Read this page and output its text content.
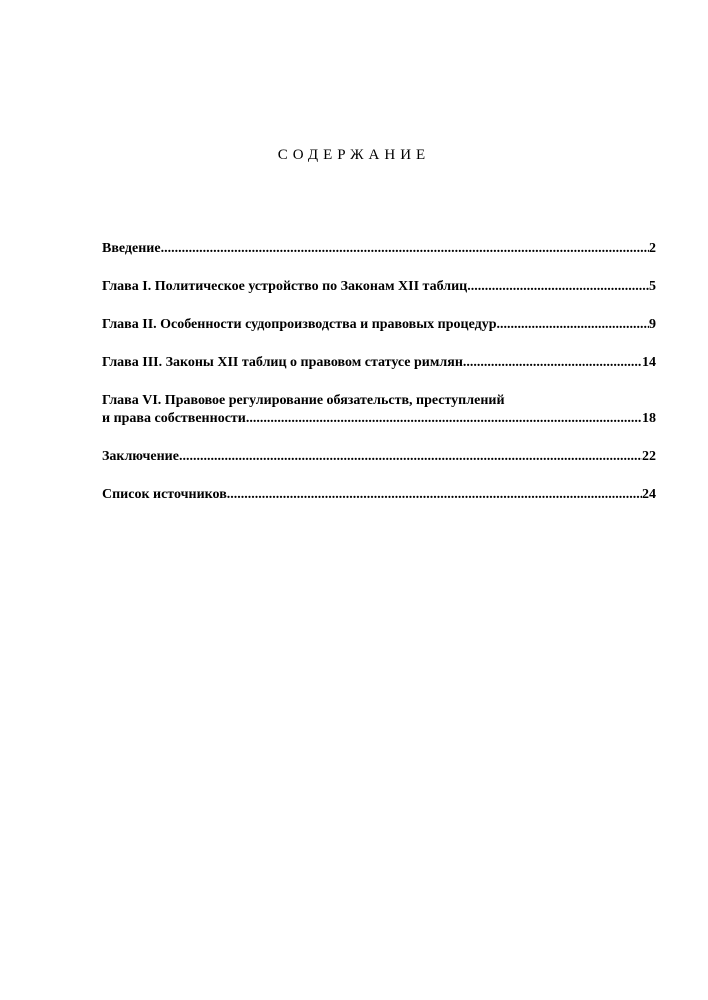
СОДЕРЖАНИЕ
Введение .....	2
Глава I. Политическое устройство по Законам XII таблиц .....	5
Глава II. Особенности судопроизводства и правовых процедур .....	9
Глава III. Законы XII таблиц о правовом статусе римлян .....	14
Глава VI. Правовое регулирование обязательств, преступлений
и права собственности .....	18
Заключение .....	22
Список источников .....	24
